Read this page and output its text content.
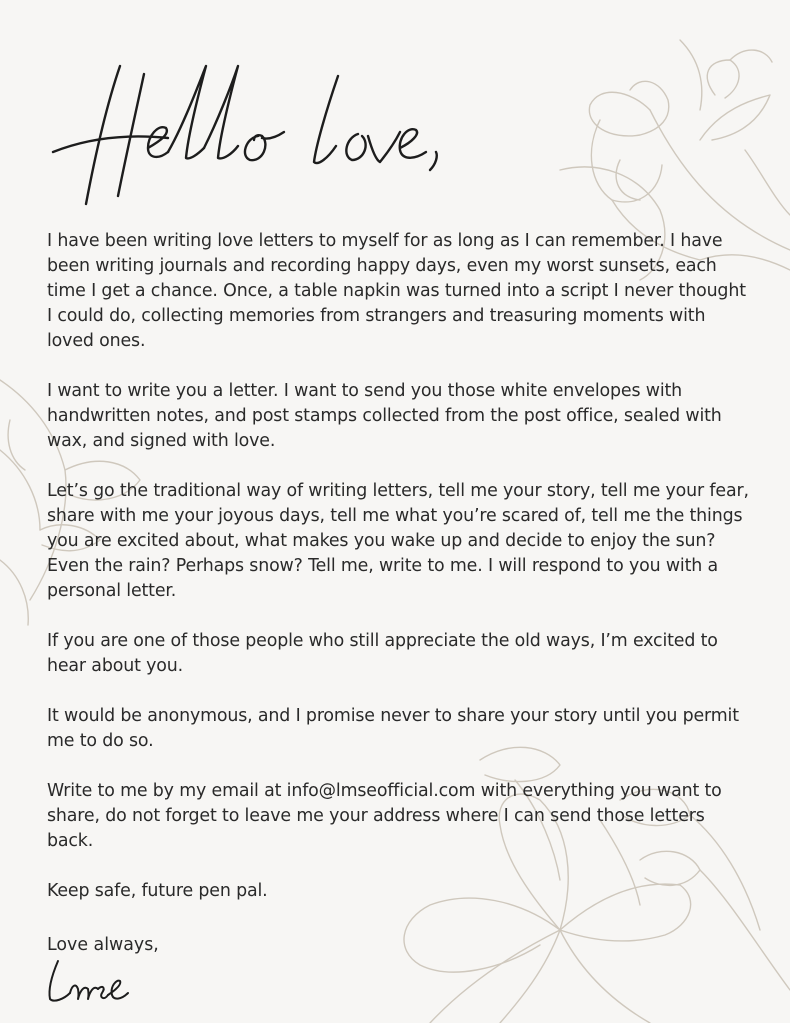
I have been writing love letters to myself for as long as I can remember. I have been writing journals and recording happy days, even my worst sunsets, each time I get a chance. Once, a table napkin was turned into a script I never thought I could do, collecting memories from strangers and treasuring moments with loved ones.

I want to write you a letter. I want to send you those white envelopes with handwritten notes, and post stamps collected from the post office, sealed with wax, and signed with love.

Let’s go the traditional way of writing letters, tell me your story, tell me your fear, share with me your joyous days, tell me what you’re scared of, tell me the things you are excited about, what makes you wake up and decide to enjoy the sun? Even the rain? Perhaps snow? Tell me, write to me. I will respond to you with a personal letter.

If you are one of those people who still appreciate the old ways, I’m excited to hear about you.

It would be anonymous, and I promise never to share your story until you permit me to do so.

Write to me by my email at info@lmseofficial.com with everything you want to share, do not forget to leave me your address where I can send those letters back.

Keep safe, future pen pal.

Love always,
